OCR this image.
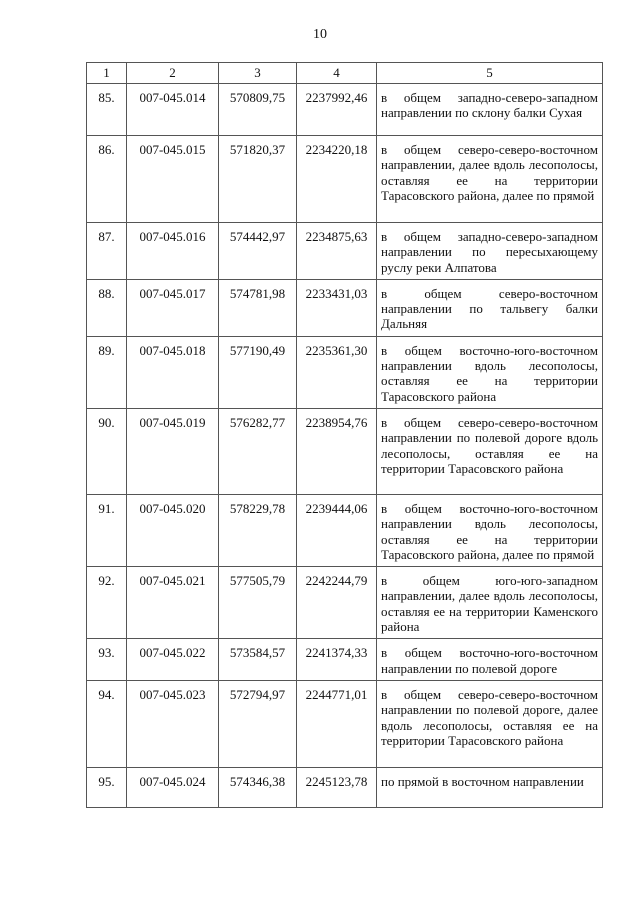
10
1	2	3	4	5
85.	007-045.014	570809,75	2237992,46	в общем западно-северо-западном направлении по склону балки Сухая
86.	007-045.015	571820,37	2234220,18	в общем северо-северо-восточном направлении, далее вдоль лесополосы, оставляя ее на территории Тарасовского района, далее по прямой
87.	007-045.016	574442,97	2234875,63	в общем западно-северо-западном направлении по пересыхающему руслу реки Алпатова
88.	007-045.017	574781,98	2233431,03	в общем северо-восточном направлении по тальвегу балки Дальняя
89.	007-045.018	577190,49	2235361,30	в общем восточно-юго-восточном направлении вдоль лесополосы, оставляя ее на территории Тарасовского района
90.	007-045.019	576282,77	2238954,76	в общем северо-северо-восточном направлении по полевой дороге вдоль лесополосы, оставляя ее на территории Тарасовского района
91.	007-045.020	578229,78	2239444,06	в общем восточно-юго-восточном направлении вдоль лесополосы, оставляя ее на территории Тарасовского района, далее по прямой
92.	007-045.021	577505,79	2242244,79	в общем юго-юго-западном направлении, далее вдоль лесополосы, оставляя ее на территории Каменского района
93.	007-045.022	573584,57	2241374,33	в общем восточно-юго-восточном направлении по полевой дороге
94.	007-045.023	572794,97	2244771,01	в общем северо-северо-восточном направлении по полевой дороге, далее вдоль лесополосы, оставляя ее на территории Тарасовского района
95.	007-045.024	574346,38	2245123,78	по прямой в восточном направлении
